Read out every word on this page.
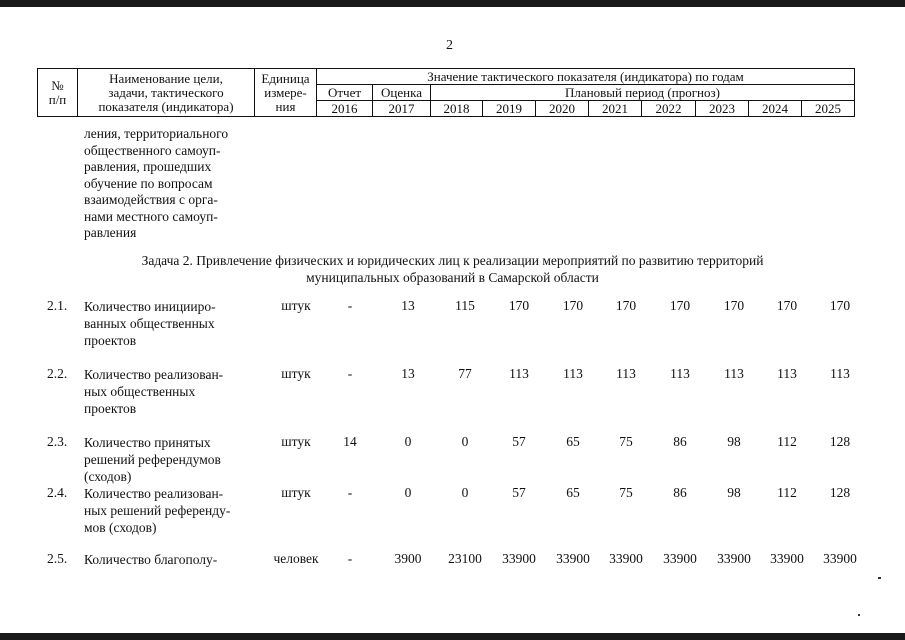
2
№
п/п	Наименование цели,
задачи, тактического
показателя (индикатора)	Единица
измере-
ния	Значение тактического показателя (индикатора) по годам									
			Отчет	Оценка	Плановый период (прогноз)							
			2016	2017	2018	2019	2020	2021	2022	2023	2024	2025
ления, территориального
общественного самоуп-
равления, прошедших
обучение по вопросам
взаимодействия с орга-
нами местного самоуп-
равления
Задача 2. Привлечение физических и юридических лиц к реализации мероприятий по развитию территорий
муниципальных образований в Самарской области
2.1. Количество иницииро-
ванных общественных
проектов
штук	-	13	115	170	170	170	170	170	170	170
2.2. Количество реализован-
ных общественных
проектов
штук	-	13	77	113	113	113	113	113	113	113
2.3. Количество принятых
решений референдумов
(сходов)
штук	14	0	0	57	65	75	86	98	112	128
2.4. Количество реализован-
ных решений референду-
мов (сходов)
штук	-	0	0	57	65	75	86	98	112	128
2.5. Количество благополу-	человек	-	3900	23100	33900	33900	33900	33900	33900	33900	33900
